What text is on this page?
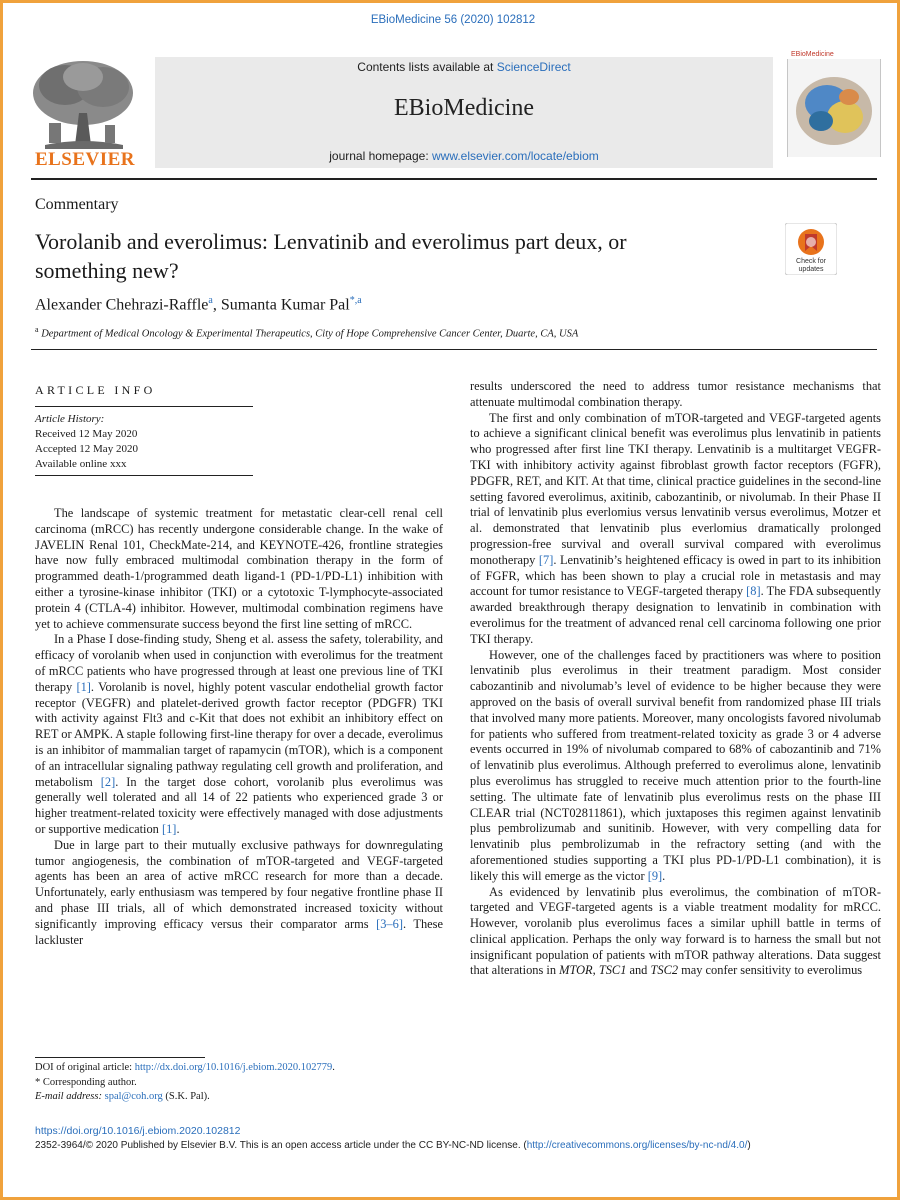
EBioMedicine 56 (2020) 102812
ELSEVIER
Contents lists available at ScienceDirect
EBioMedicine
journal homepage: www.elsevier.com/locate/ebiom
EBioMedicine
Commentary
Vorolanib and everolimus: Lenvatinib and everolimus part deux, or
something new?	Check for
updates
Alexander Chehrazi-Raffle$^a$, Sumanta Kumar Pal$^{*,a}$
$^a$ Department of Medical Oncology & Experimental Therapeutics, City of Hope Comprehensive Cancer Center, Duarte, CA, USA
ARTICLE INFO
Article History:
Received 12 May 2020
Accepted 12 May 2020
Available online xxx

The landscape of systemic treatment for metastatic clear-cell renal cell carcinoma (mRCC) has recently undergone considerable change. In the wake of JAVELIN Renal 101, CheckMate-214, and KEYNOTE-426, frontline strategies have now fully embraced multimodal combination therapy in the form of programmed death-1/programmed death ligand-1 (PD-1/PD-L1) inhibition with either a tyrosine-kinase inhibitor (TKI) or a cytotoxic T-lymphocyte-associated protein 4 (CTLA-4) inhibitor. However, multimodal combination regimens have yet to achieve commensurate success beyond the first line setting of mRCC.

In a Phase I dose-finding study, Sheng et al. assess the safety, tolerability, and efficacy of vorolanib when used in conjunction with everolimus for the treatment of mRCC patients who have progressed through at least one previous line of TKI therapy [1]. Vorolanib is novel, highly potent vascular endothelial growth factor receptor (VEGFR) and platelet-derived growth factor receptor (PDGFR) TKI with activity against Flt3 and c-Kit that does not exhibit an inhibitory effect on RET or AMPK. A staple following first-line therapy for over a decade, everolimus is an inhibitor of mammalian target of rapamycin (mTOR), which is a component of an intracellular signaling pathway regulating cell growth and proliferation, and metabolism [2]. In the target dose cohort, vorolanib plus everolimus was generally well tolerated and all 14 of 22 patients who experienced grade 3 or higher treatment-related toxicity were effectively managed with dose adjustments or supportive medication [1].

Due in large part to their mutually exclusive pathways for downregulating tumor angiogenesis, the combination of mTOR-targeted and VEGF-targeted agents has been an area of active mRCC research for more than a decade. Unfortunately, early enthusiasm was tempered by four negative frontline phase II and phase III trials, all of which demonstrated increased toxicity without significantly improving efficacy versus their comparator arms [3–6]. These lackluster

results underscored the need to address tumor resistance mechanisms that attenuate multimodal combination therapy.

The first and only combination of mTOR-targeted and VEGF-targeted agents to achieve a significant clinical benefit was everolimus plus lenvatinib in patients who progressed after first line TKI therapy. Lenvatinib is a multitarget VEGFR-TKI with inhibitory activity against fibroblast growth factor receptors (FGFR), PDGFR, RET, and KIT. At that time, clinical practice guidelines in the second-line setting favored everolimus, axitinib, cabozantinib, or nivolumab. In their Phase II trial of lenvatinib plus everlomius versus lenvatinib versus everolimus, Motzer et al. demonstrated that lenvatinib plus everlomius dramatically prolonged progression-free survival and overall survival compared with everolimus monotherapy [7]. Lenvatinib’s heightened efficacy is owed in part to its inhibition of FGFR, which has been shown to play a crucial role in metastasis and may account for tumor resistance to VEGF-targeted therapy [8]. The FDA subsequently awarded breakthrough therapy designation to lenvatinib in combination with everolimus for the treatment of advanced renal cell carcinoma following one prior TKI therapy.

However, one of the challenges faced by practitioners was where to position lenvatinib plus everolimus in their treatment paradigm. Most consider cabozantinib and nivolumab’s level of evidence to be higher because they were approved on the basis of overall survival benefit from randomized phase III trials that involved many more patients. Moreover, many oncologists favored nivolumab for patients who suffered from treatment-related toxicity as grade 3 or 4 adverse events occurred in 19% of nivolumab compared to 68% of cabozantinib and 71% of lenvatinib plus everolimus. Although preferred to everolimus alone, lenvatinib plus everolimus has struggled to receive much attention prior to the fourth-line setting. The ultimate fate of lenvatinib plus everolimus rests on the phase III CLEAR trial (NCT02811861), which juxtaposes this regimen against lenvatinib plus pembrolizumab and sunitinib. However, with very compelling data for lenvatinib plus pembrolizumab in the refractory setting (and with the aforementioned studies supporting a TKI plus PD-1/PD-L1 combination), it is likely this will emerge as the victor [9].

As evidenced by lenvatinib plus everolimus, the combination of mTOR-targeted and VEGF-targeted agents is a viable treatment modality for mRCC. However, vorolanib plus everolimus faces a similar uphill battle in terms of clinical application. Perhaps the only way forward is to harness the small but not insignificant population of patients with mTOR pathway alterations. Data suggest that alterations in MTOR, TSC1 and TSC2 may confer sensitivity to everolimus

DOI of original article: http://dx.doi.org/10.1016/j.ebiom.2020.102779.
* Corresponding author.
E-mail address: spal@coh.org (S.K. Pal).
https://doi.org/10.1016/j.ebiom.2020.102812
2352-3964/© 2020 Published by Elsevier B.V. This is an open access article under the CC BY-NC-ND license. (http://creativecommons.org/licenses/by-nc-nd/4.0/)
